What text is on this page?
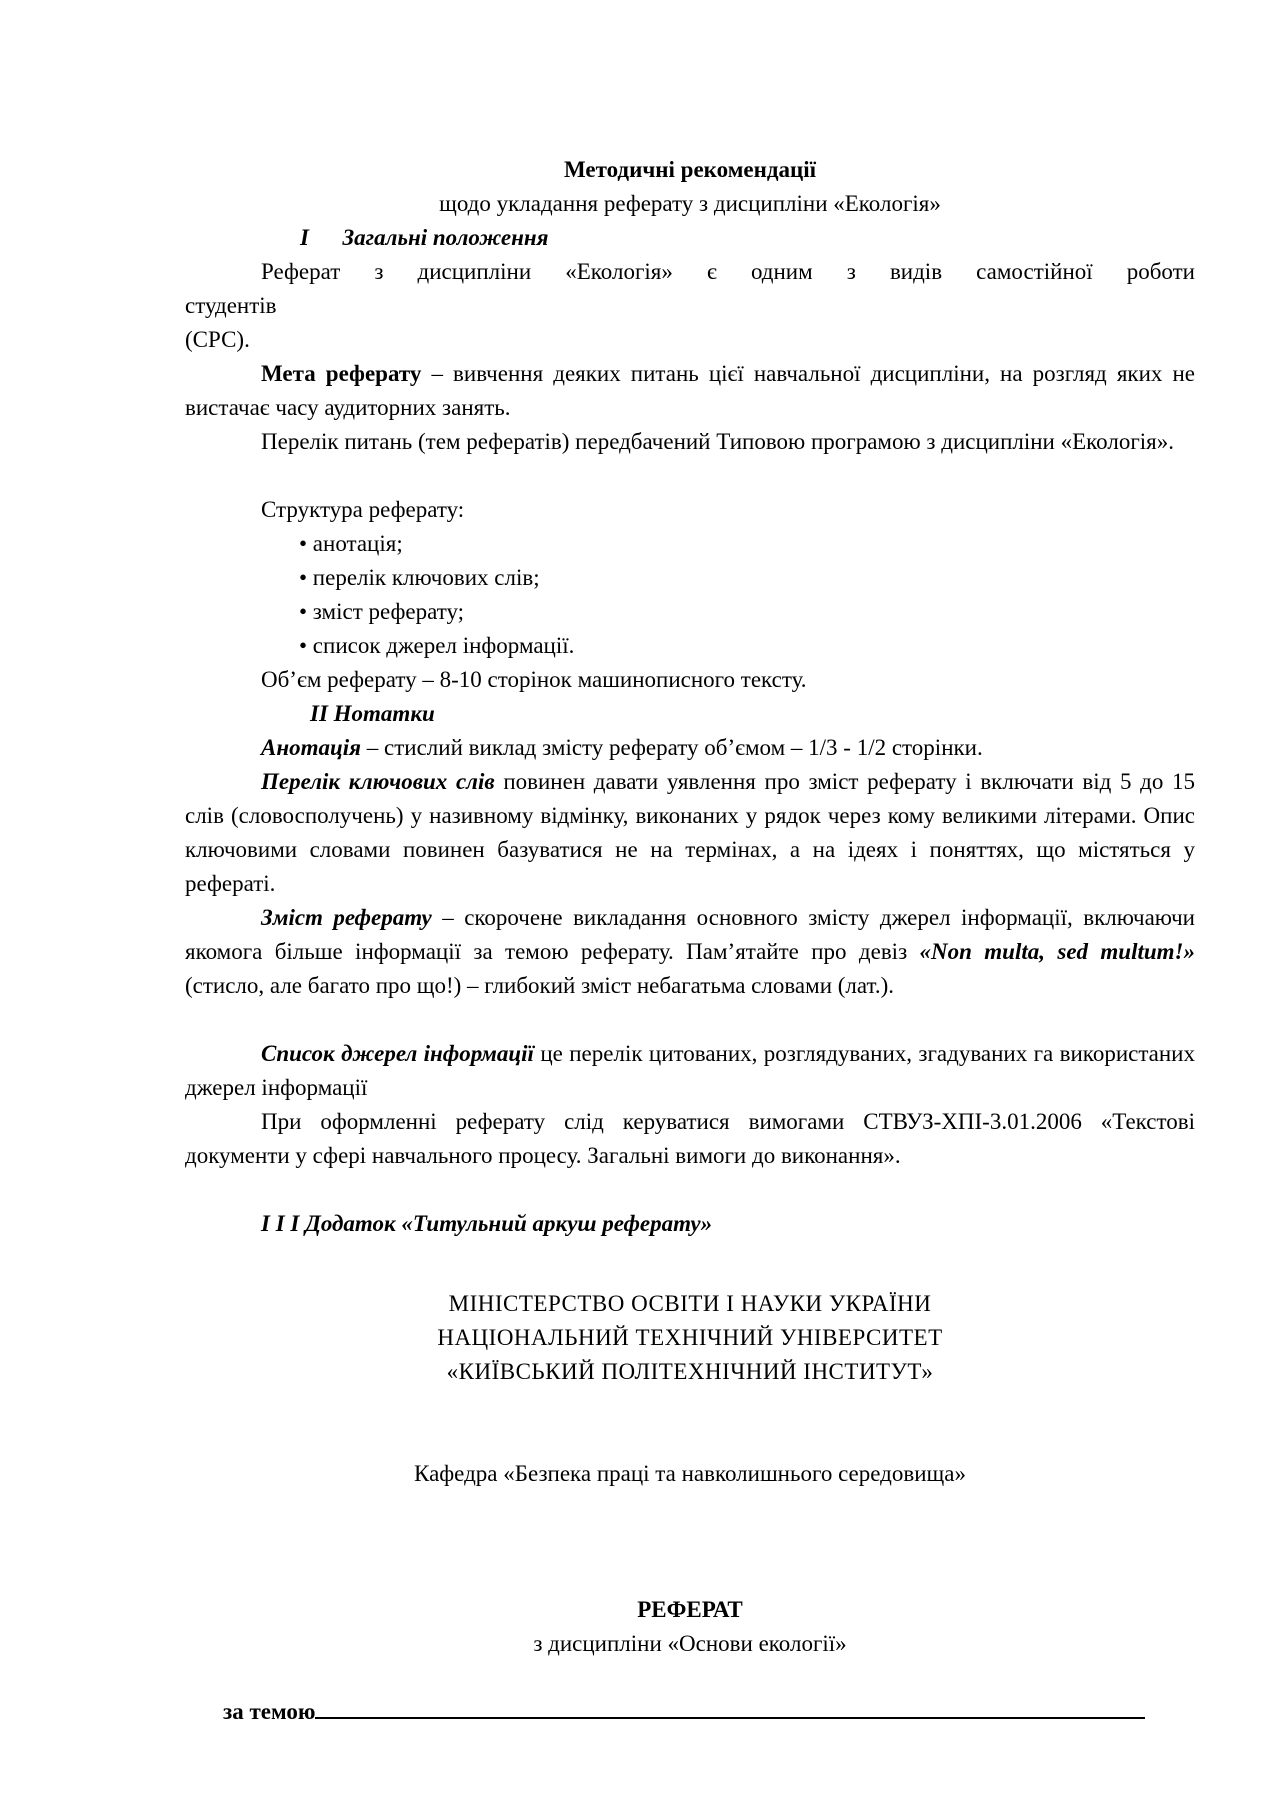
Методичні рекомендації

щодо укладання реферату з дисципліни «Екологія»

I Загальні положення

Реферат з дисципліни «Екологія» є одним з видів самостійної роботи

студентів

(СРС).

Мета реферату – вивчення деяких питань цієї навчальної дисципліни, на розгляд яких не вистачає часу аудиторних занять.

Перелік питань (тем рефератів) передбачений Типовою програмою з дисципліни «Екологія».

Структура реферату:

• анотація;

• перелік ключових слів;

• зміст реферату;

• список джерел інформації.

Об’єм реферату – 8-10 сторінок машинописного тексту.

II Нотатки

Анотація – стислий виклад змісту реферату об’ємом – 1/3 - 1/2 сторінки.

Перелік ключових слів повинен давати уявлення про зміст реферату і включати від 5 до 15 слів (словосполучень) у називному відмінку, виконаних у рядок через кому великими літерами. Опис ключовими словами повинен базуватися не на термінах, а на ідеях і поняттях, що містяться у рефераті.

Зміст реферату – скорочене викладання основного змісту джерел інформації, включаючи якомога більше інформації за темою реферату. Пам’ятайте про девіз «Non multa, sed multum!» (стисло, але багато про що!) – глибокий зміст небагатьма словами (лат.).

Список джерел інформації це перелік цитованих, розглядуваних, згадуваних га використаних джерел інформації

При оформленні реферату слід керуватися вимогами СТВУЗ-ХПІ-3.01.2006 «Текстові документи у сфері навчального процесу. Загальні вимоги до виконання».

I I I Додаток «Титульний аркуш реферату»

МІНІСТЕРСТВО ОСВІТИ І НАУКИ УКРАЇНИ

НАЦІОНАЛЬНИЙ ТЕХНІЧНИЙ УНІВЕРСИТЕТ

«КИЇВСЬКИЙ ПОЛІТЕХНІЧНИЙ ІНСТИТУТ»

Кафедра «Безпека праці та навколишнього середовища»

РЕФЕРАТ

з дисципліни «Основи екології»

за темою
